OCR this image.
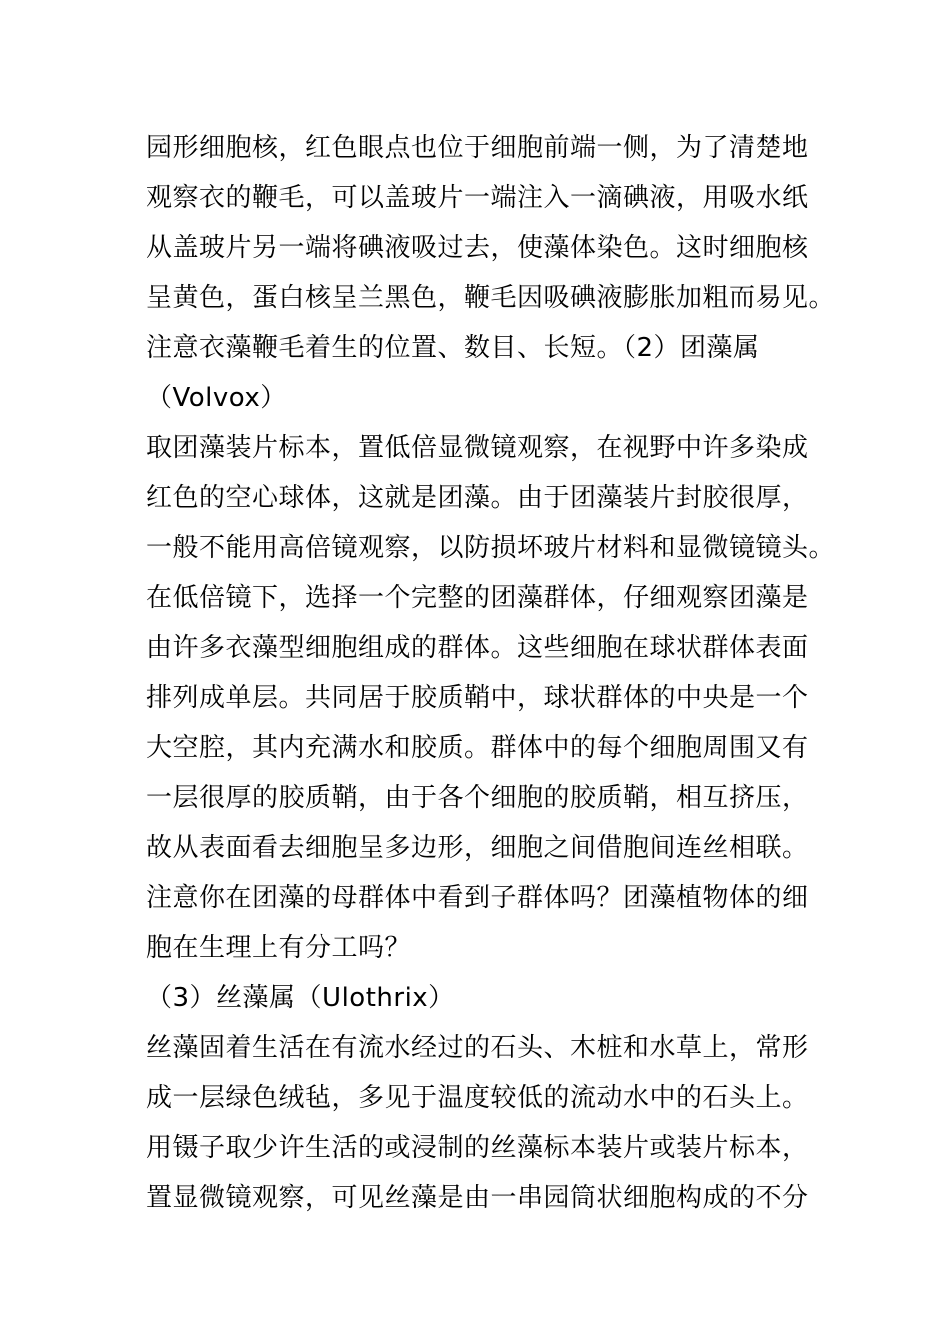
园形细胞核，红色眼点也位于细胞前端一侧，为了清楚地
观察衣的鞭毛，可以盖玻片一端注入一滴碘液，用吸水纸
从盖玻片另一端将碘液吸过去，使藻体染色。这时细胞核
呈黄色，蛋白核呈兰黑色，鞭毛因吸碘液膨胀加粗而易见。
注意衣藻鞭毛着生的位置、数目、长短。（2）团藻属
（Volvox）
取团藻装片标本，置低倍显微镜观察，在视野中许多染成
红色的空心球体，这就是团藻。由于团藻装片封胶很厚，
一般不能用高倍镜观察，以防损坏玻片材料和显微镜镜头。
在低倍镜下，选择一个完整的团藻群体，仔细观察团藻是
由许多衣藻型细胞组成的群体。这些细胞在球状群体表面
排列成单层。共同居于胶质鞘中，球状群体的中央是一个
大空腔，其内充满水和胶质。群体中的每个细胞周围又有
一层很厚的胶质鞘，由于各个细胞的胶质鞘，相互挤压，
故从表面看去细胞呈多边形，细胞之间借胞间连丝相联。
注意你在团藻的母群体中看到子群体吗？团藻植物体的细
胞在生理上有分工吗？
（3）丝藻属（Ulothrix）
丝藻固着生活在有流水经过的石头、木桩和水草上，常形
成一层绿色绒毡，多见于温度较低的流动水中的石头上。
用镊子取少许生活的或浸制的丝藻标本装片或装片标本，
置显微镜观察，可见丝藻是由一串园筒状细胞构成的不分
